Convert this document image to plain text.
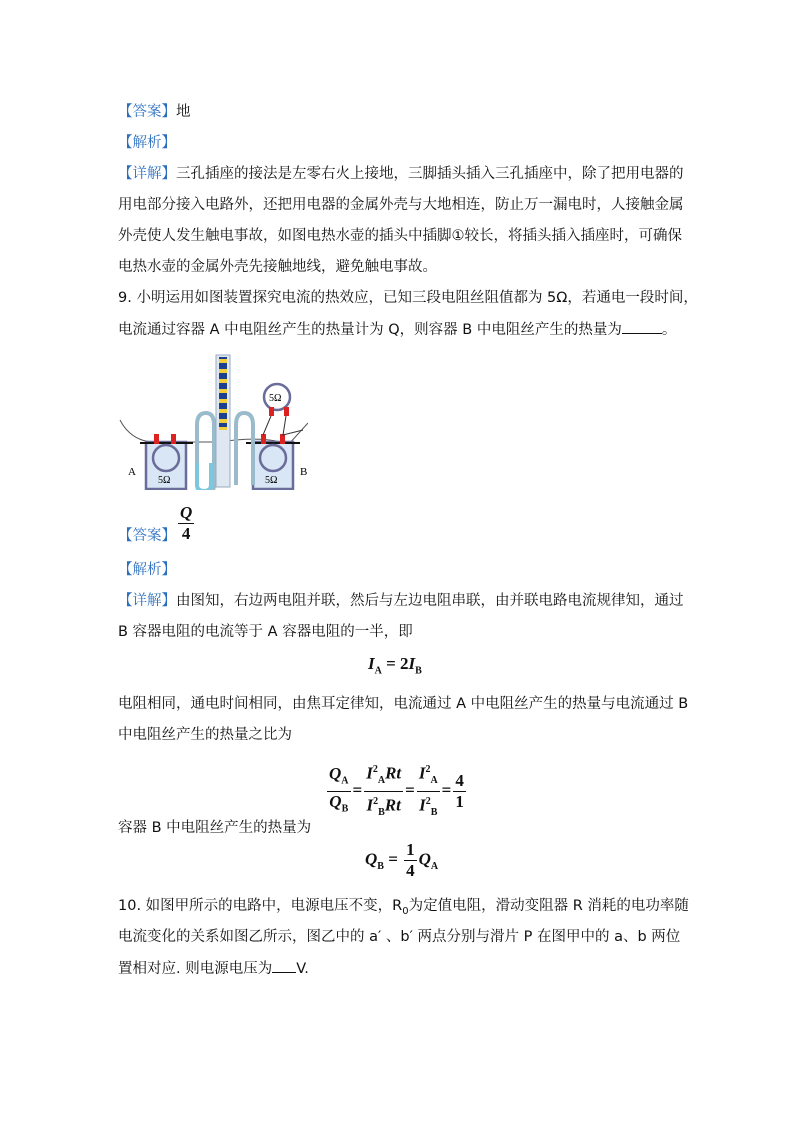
【答案】地
【解析】
【详解】三孔插座的接法是左零右火上接地，三脚插头插入三孔插座中，除了把用电器的
用电部分接入电路外，还把用电器的金属外壳与大地相连，防止万一漏电时，人接触金属
外壳使人发生触电事故，如图电热水壶的插头中插脚①较长，将插头插入插座时，可确保
电热水壶的金属外壳先接触地线，避免触电事故。
9. 小明运用如图装置探究电流的热效应，已知三段电阻丝阻值都为 5Ω，若通电一段时间，
电流通过容器 A 中电阻丝产生的热量计为 Q，则容器 B 中电阻丝产生的热量为	。
A	B
5Ω	5Ω
5Ω
【答案】 $\frac{Q}{4}$
【解析】
【详解】由图知，右边两电阻并联，然后与左边电阻串联，由并联电路电流规律知，通过
B 容器电阻的电流等于 A 容器电阻的一半，即
$I_A = 2I_B$
电阻相同，通电时间相同，由焦耳定律知，电流通过 A 中电阻丝产生的热量与电流通过 B
中电阻丝产生的热量之比为
$\frac{Q_A}{Q_B} = \frac{I^2_ARt}{I^2_BRt} = \frac{I^2_A}{I^2_B} = \frac{4}{1}$
容器 B 中电阻丝产生的热量为
$Q_B = \frac{1}{4} Q_A$
10. 如图甲所示的电路中，电源电压不变，$R_0$为定值电阻，滑动变阻器 R 消耗的电功率随
电流变化的关系如图乙所示，图乙中的 a′ 、b′ 两点分别与滑片 P 在图甲中的 a、b 两位
置相对应. 则电源电压为 V.
